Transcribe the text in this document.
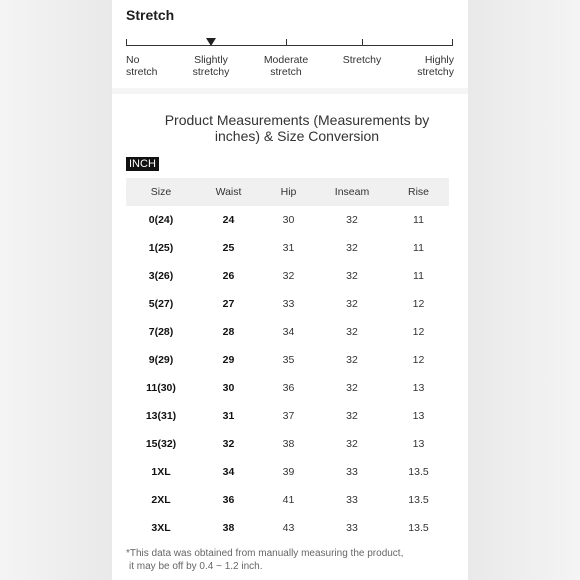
Stretch
No
stretch
Slightly
stretchy
Moderate
stretch
Stretchy	Highly
stretchy
Product Measurements (Measurements by
inches) & Size Conversion
INCH
Size	Waist	Hip	Inseam	Rise
0(24)	24	30	32	11
1(25)	25	31	32	11
3(26)	26	32	32	11
5(27)	27	33	32	12
7(28)	28	34	32	12
9(29)	29	35	32	12
11(30)	30	36	32	13
13(31)	31	37	32	13
15(32)	32	38	32	13
1XL	34	39	33	13.5
2XL	36	41	33	13.5
3XL	38	43	33	13.5
*This data was obtained from manually measuring the product,
it may be off by 0.4 ~ 1.2 inch.
